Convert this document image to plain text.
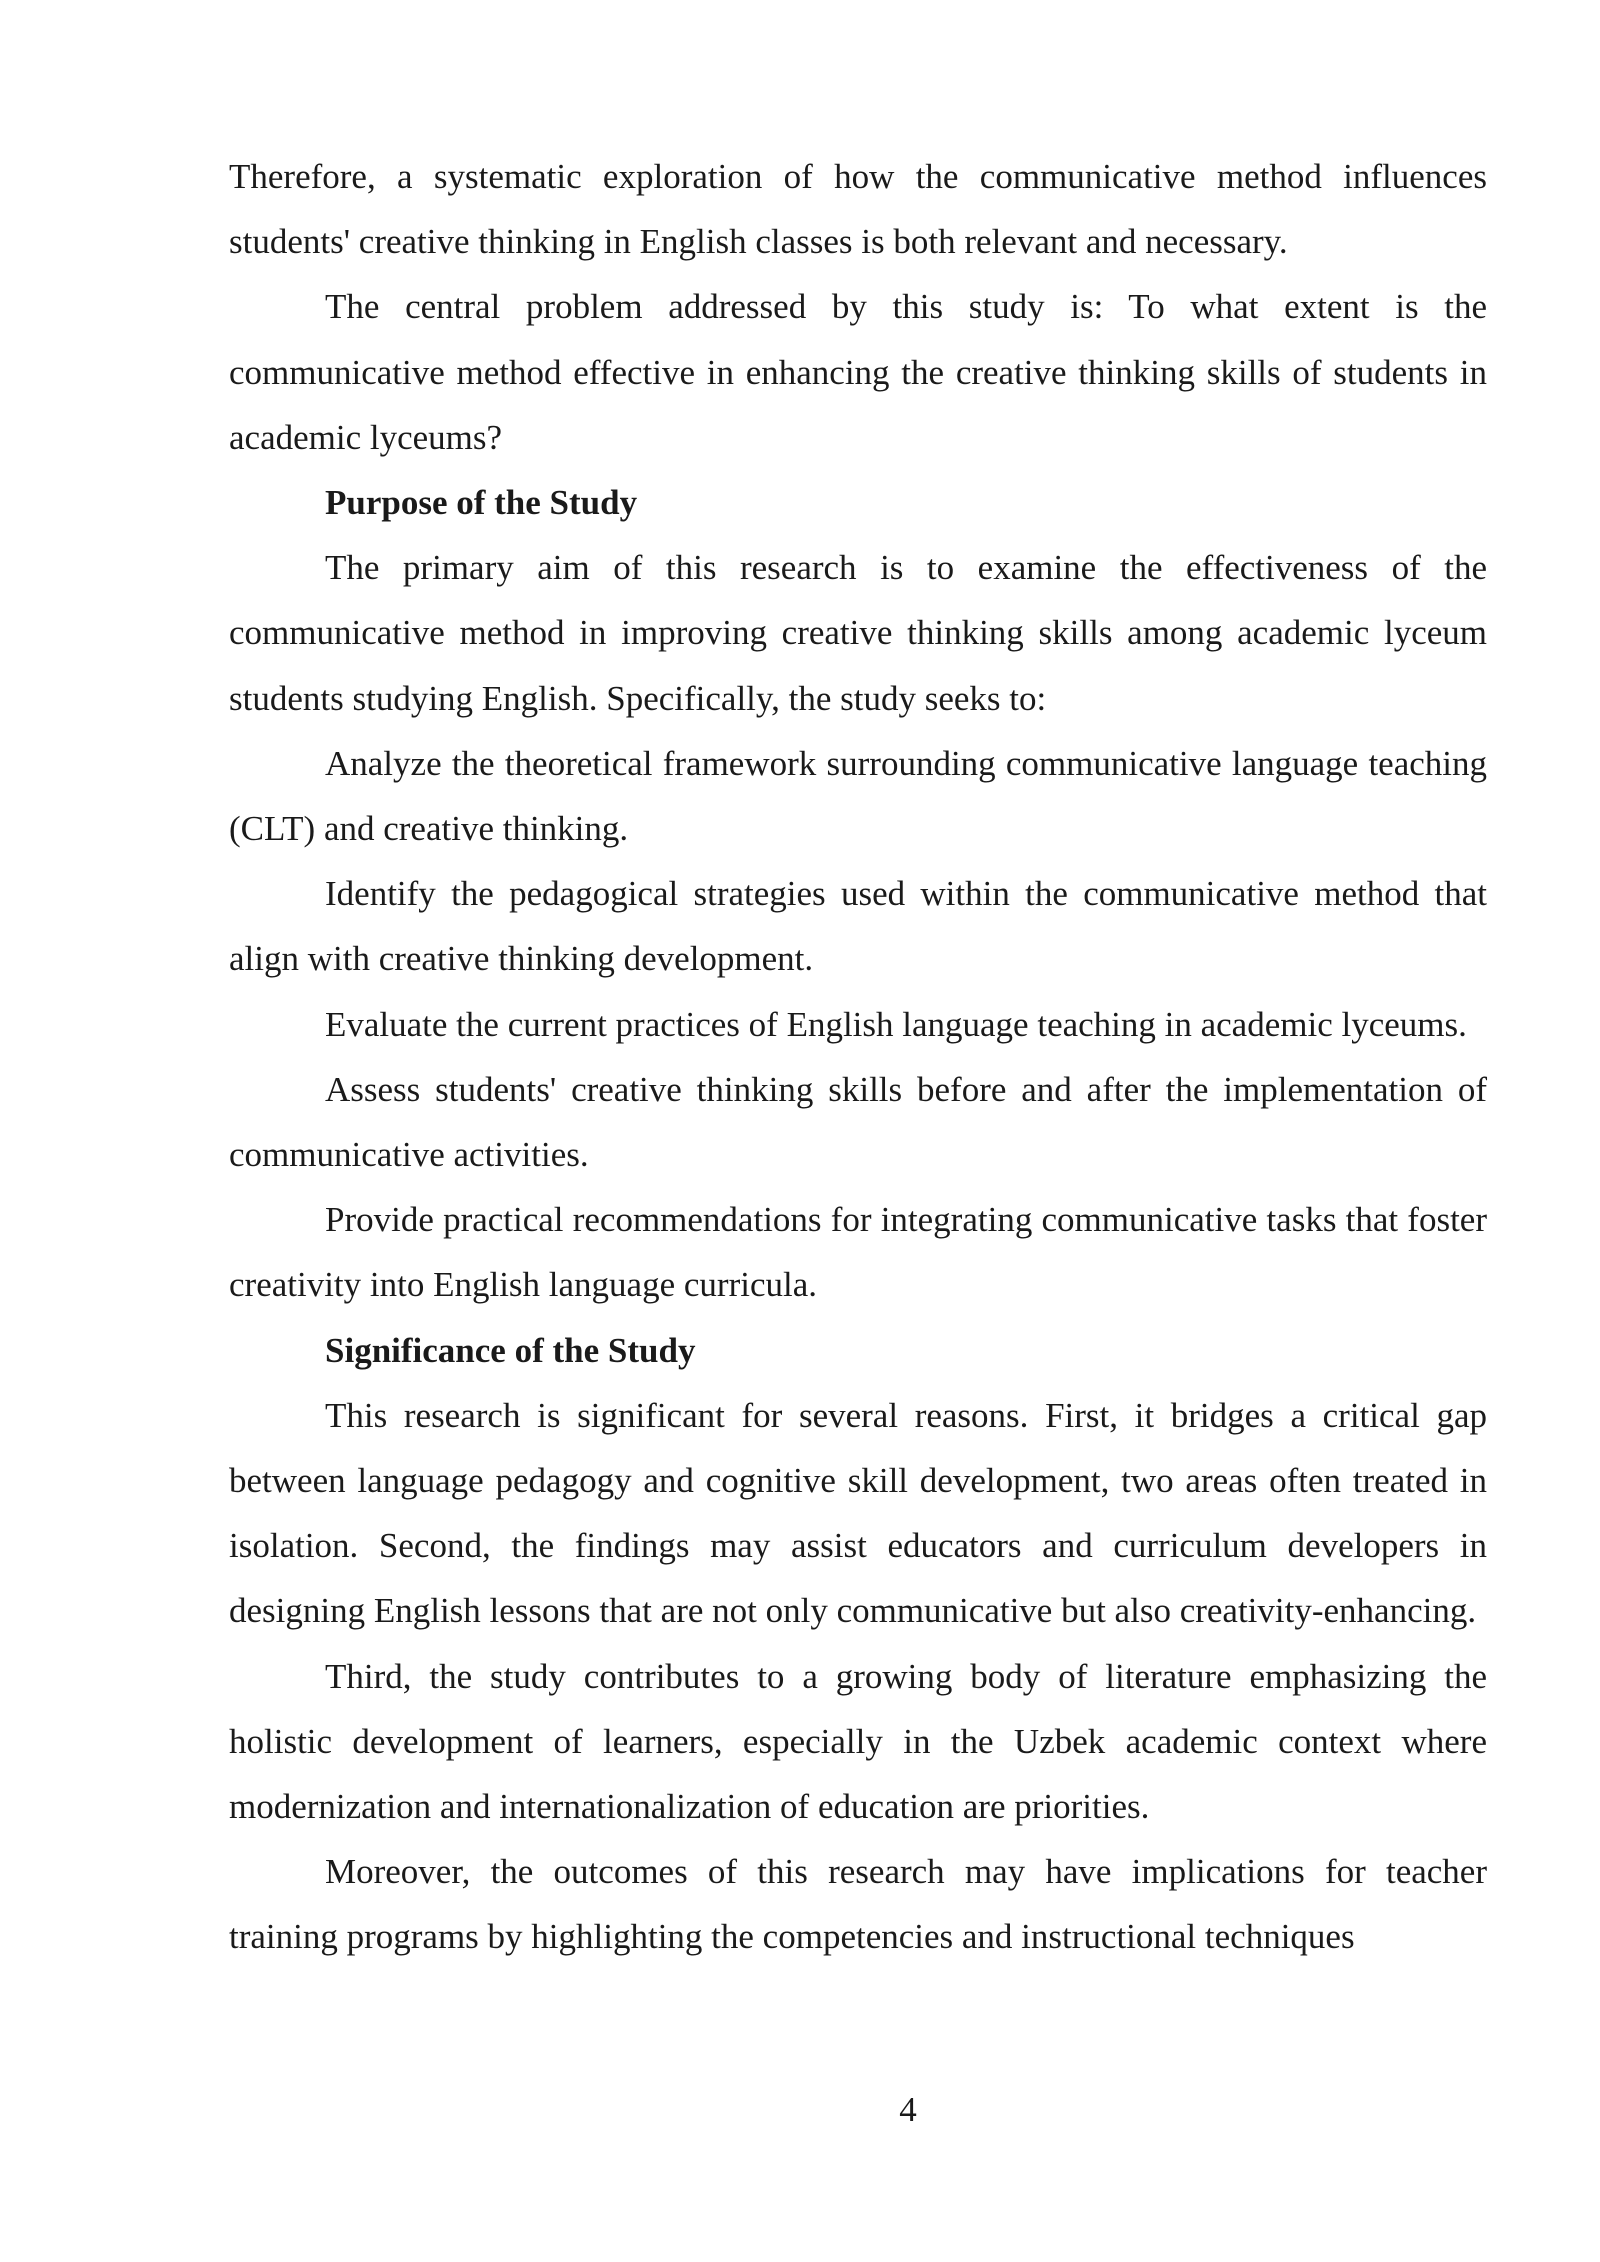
Therefore, a systematic exploration of how the communicative method influences students' creative thinking in English classes is both relevant and necessary.

The central problem addressed by this study is: To what extent is the communicative method effective in enhancing the creative thinking skills of students in academic lyceums?

Purpose of the Study

The primary aim of this research is to examine the effectiveness of the communicative method in improving creative thinking skills among academic lyceum students studying English. Specifically, the study seeks to:

Analyze the theoretical framework surrounding communicative language teaching (CLT) and creative thinking.

Identify the pedagogical strategies used within the communicative method that align with creative thinking development.

Evaluate the current practices of English language teaching in academic lyceums.

Assess students' creative thinking skills before and after the implementation of communicative activities.

Provide practical recommendations for integrating communicative tasks that foster creativity into English language curricula.

Significance of the Study

This research is significant for several reasons. First, it bridges a critical gap between language pedagogy and cognitive skill development, two areas often treated in isolation. Second, the findings may assist educators and curriculum developers in designing English lessons that are not only communicative but also creativity-enhancing.

Third, the study contributes to a growing body of literature emphasizing the holistic development of learners, especially in the Uzbek academic context where modernization and internationalization of education are priorities.

Moreover, the outcomes of this research may have implications for teacher training programs by highlighting the competencies and instructional techniques

4
